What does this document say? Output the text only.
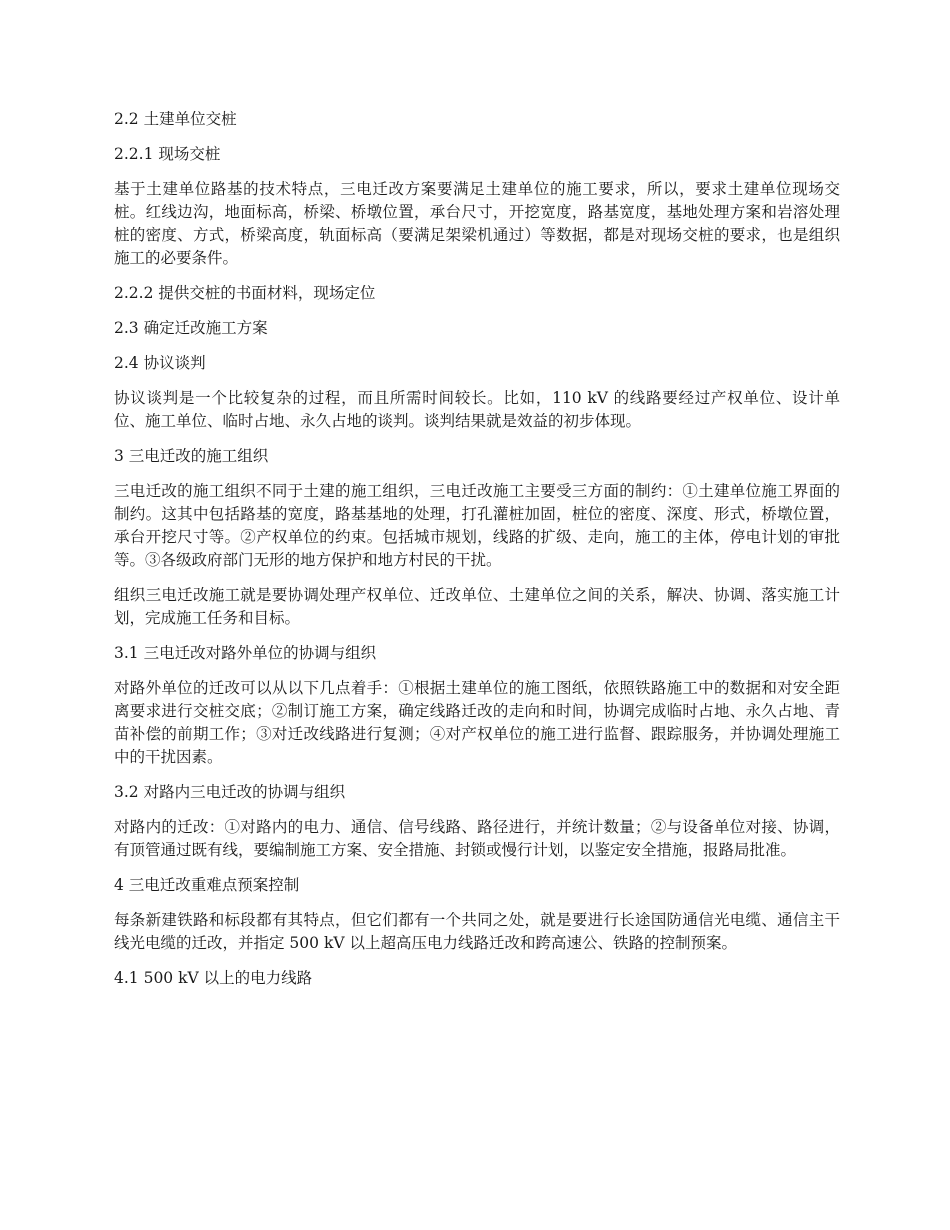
2.2 土建单位交桩

2.2.1 现场交桩

基于土建单位路基的技术特点，三电迁改方案要满足土建单位的施工要求，所以，要求土建单位现场交桩。红线边沟，地面标高，桥梁、桥墩位置，承台尺寸，开挖宽度，路基宽度，基地处理方案和岩溶处理桩的密度、方式，桥梁高度，轨面标高（要满足架梁机通过）等数据，都是对现场交桩的要求，也是组织施工的必要条件。

2.2.2 提供交桩的书面材料，现场定位

2.3 确定迁改施工方案

2.4 协议谈判

协议谈判是一个比较复杂的过程，而且所需时间较长。比如，110 kV 的线路要经过产权单位、设计单位、施工单位、临时占地、永久占地的谈判。谈判结果就是效益的初步体现。

3 三电迁改的施工组织

三电迁改的施工组织不同于土建的施工组织，三电迁改施工主要受三方面的制约：①土建单位施工界面的制约。这其中包括路基的宽度，路基基地的处理，打孔灌桩加固，桩位的密度、深度、形式，桥墩位置，承台开挖尺寸等。②产权单位的约束。包括城市规划，线路的扩级、走向，施工的主体，停电计划的审批等。③各级政府部门无形的地方保护和地方村民的干扰。

组织三电迁改施工就是要协调处理产权单位、迁改单位、土建单位之间的关系，解决、协调、落实施工计划，完成施工任务和目标。

3.1 三电迁改对路外单位的协调与组织

对路外单位的迁改可以从以下几点着手：①根据土建单位的施工图纸，依照铁路施工中的数据和对安全距离要求进行交桩交底；②制订施工方案，确定线路迁改的走向和时间，协调完成临时占地、永久占地、青苗补偿的前期工作；③对迁改线路进行复测；④对产权单位的施工进行监督、跟踪服务，并协调处理施工中的干扰因素。

3.2 对路内三电迁改的协调与组织

对路内的迁改：①对路内的电力、通信、信号线路、路径进行，并统计数量；②与设备单位对接、协调，有顶管通过既有线，要编制施工方案、安全措施、封锁或慢行计划，以鉴定安全措施，报路局批准。

4 三电迁改重难点预案控制

每条新建铁路和标段都有其特点，但它们都有一个共同之处，就是要进行长途国防通信光电缆、通信主干线光电缆的迁改，并指定 500 kV 以上超高压电力线路迁改和跨高速公、铁路的控制预案。

4.1 500 kV 以上的电力线路
